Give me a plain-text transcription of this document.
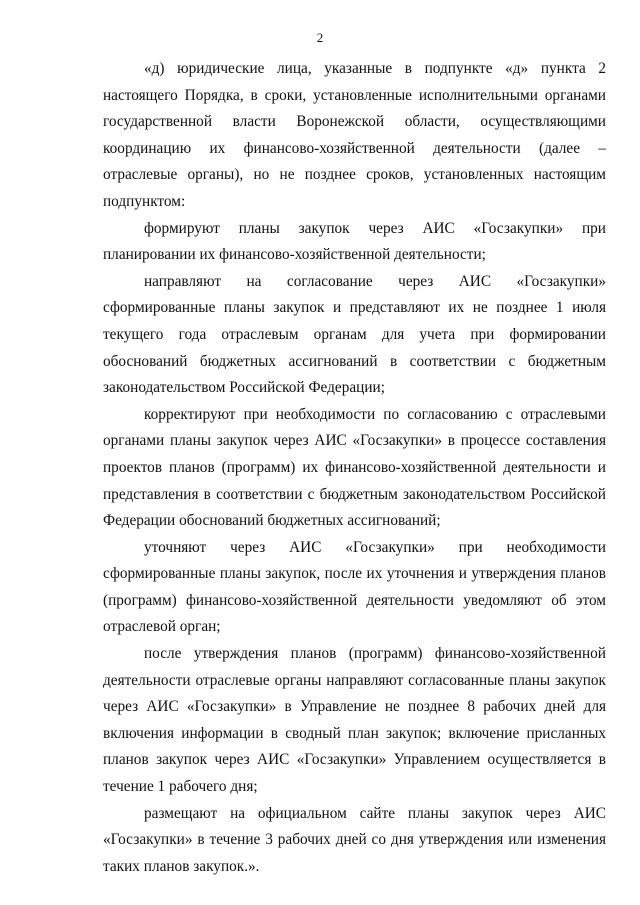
2

«д) юридические лица, указанные в подпункте «д» пункта 2 настоящего Порядка, в сроки, установленные исполнительными органами государственной власти Воронежской области, осуществляющими координацию их финансово-хозяйственной деятельности (далее – отраслевые органы), но не позднее сроков, установленных настоящим подпунктом:

формируют планы закупок через АИС «Госзакупки» при планировании их финансово-хозяйственной деятельности;

направляют на согласование через АИС «Госзакупки» сформированные планы закупок и представляют их не позднее 1 июля текущего года отраслевым органам для учета при формировании обоснований бюджетных ассигнований в соответствии с бюджетным законодательством Российской Федерации;

корректируют при необходимости по согласованию с отраслевыми органами планы закупок через АИС «Госзакупки» в процессе составления проектов планов (программ) их финансово-хозяйственной деятельности и представления в соответствии с бюджетным законодательством Российской Федерации обоснований бюджетных ассигнований;

уточняют через АИС «Госзакупки» при необходимости сформированные планы закупок, после их уточнения и утверждения планов (программ) финансово-хозяйственной деятельности уведомляют об этом отраслевой орган;

после утверждения планов (программ) финансово-хозяйственной деятельности отраслевые органы направляют согласованные планы закупок через АИС «Госзакупки» в Управление не позднее 8 рабочих дней для включения информации в сводный план закупок; включение присланных планов закупок через АИС «Госзакупки» Управлением осуществляется в течение 1 рабочего дня;

размещают на официальном сайте планы закупок через АИС «Госзакупки» в течение 3 рабочих дней со дня утверждения или изменения таких планов закупок.».
